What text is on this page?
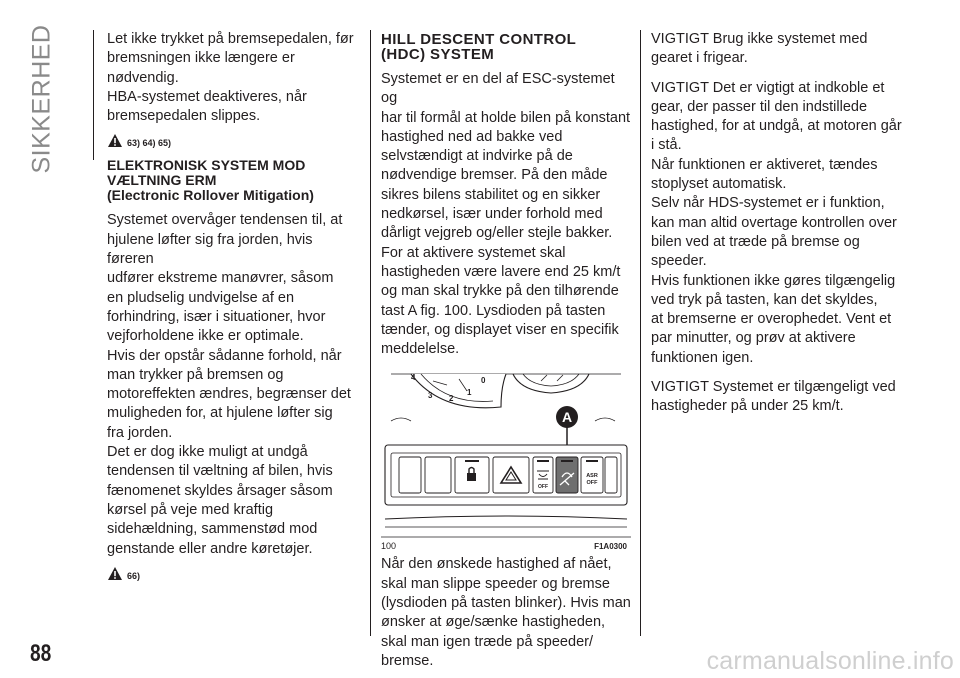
SIKKERHED	Let ikke trykket på bremsepedalen, før
bremsningen ikke længere er
nødvendig.

HBA-systemet deaktiveres, når
bremsepedalen slippes.

63) 64) 65)
ELEKTRONISK SYSTEM MOD
VÆLTNING ERM
(Electronic Rollover Mitigation)

Systemet overvåger tendensen til, at
hjulene løfter sig fra jorden, hvis føreren
udfører ekstreme manøvrer, såsom
en pludselig undvigelse af en
forhindring, især i situationer, hvor
vejforholdene ikke er optimale.

Hvis der opstår sådanne forhold, når
man trykker på bremsen og
motoreffekten ændres, begrænser det
muligheden for, at hjulene løfter sig
fra jorden.

Det er dog ikke muligt at undgå
tendensen til væltning af bilen, hvis
fænomenet skyldes årsager såsom
kørsel på veje med kraftig
sidehældning, sammenstød mod
genstande eller andre køretøjer.

66)
HILL DESCENT CONTROL
(HDC) SYSTEM

Systemet er en del af ESC-systemet og
har til formål at holde bilen på konstant
hastighed ned ad bakke ved
selvstændigt at indvirke på de
nødvendige bremser. På den måde
sikres bilens stabilitet og en sikker
nedkørsel, især under forhold med
dårligt vejgreb og/eller stejle bakker.

For at aktivere systemet skal
hastigheden være lavere end 25 km/t
og man skal trykke på den tilhørende
tast A fig. 100. Lysdioden på tasten
tænder, og displayet viser en specifik
meddelelse.

4
3 2
1
0
A
OFF
ASR
OFF
100	F1A0300

Når den ønskede hastighed af nået,
skal man slippe speeder og bremse
(lysdioden på tasten blinker). Hvis man
ønsker at øge/sænke hastigheden,
skal man igen træde på speeder/
bremse.

VIGTIGT Brug ikke systemet med
gearet i frigear.

VIGTIGT Det er vigtigt at indkoble et
gear, der passer til den indstillede
hastighed, for at undgå, at motoren går
i stå.

Når funktionen er aktiveret, tændes
stoplyset automatisk.

Selv når HDS-systemet er i funktion,
kan man altid overtage kontrollen over
bilen ved at træde på bremse og
speeder.

Hvis funktionen ikke gøres tilgængelig
ved tryk på tasten, kan det skyldes,
at bremserne er overophedet. Vent et
par minutter, og prøv at aktivere
funktionen igen.

VIGTIGT Systemet er tilgængeligt ved
hastigheder på under 25 km/t.

88	carmanualsonline.info
